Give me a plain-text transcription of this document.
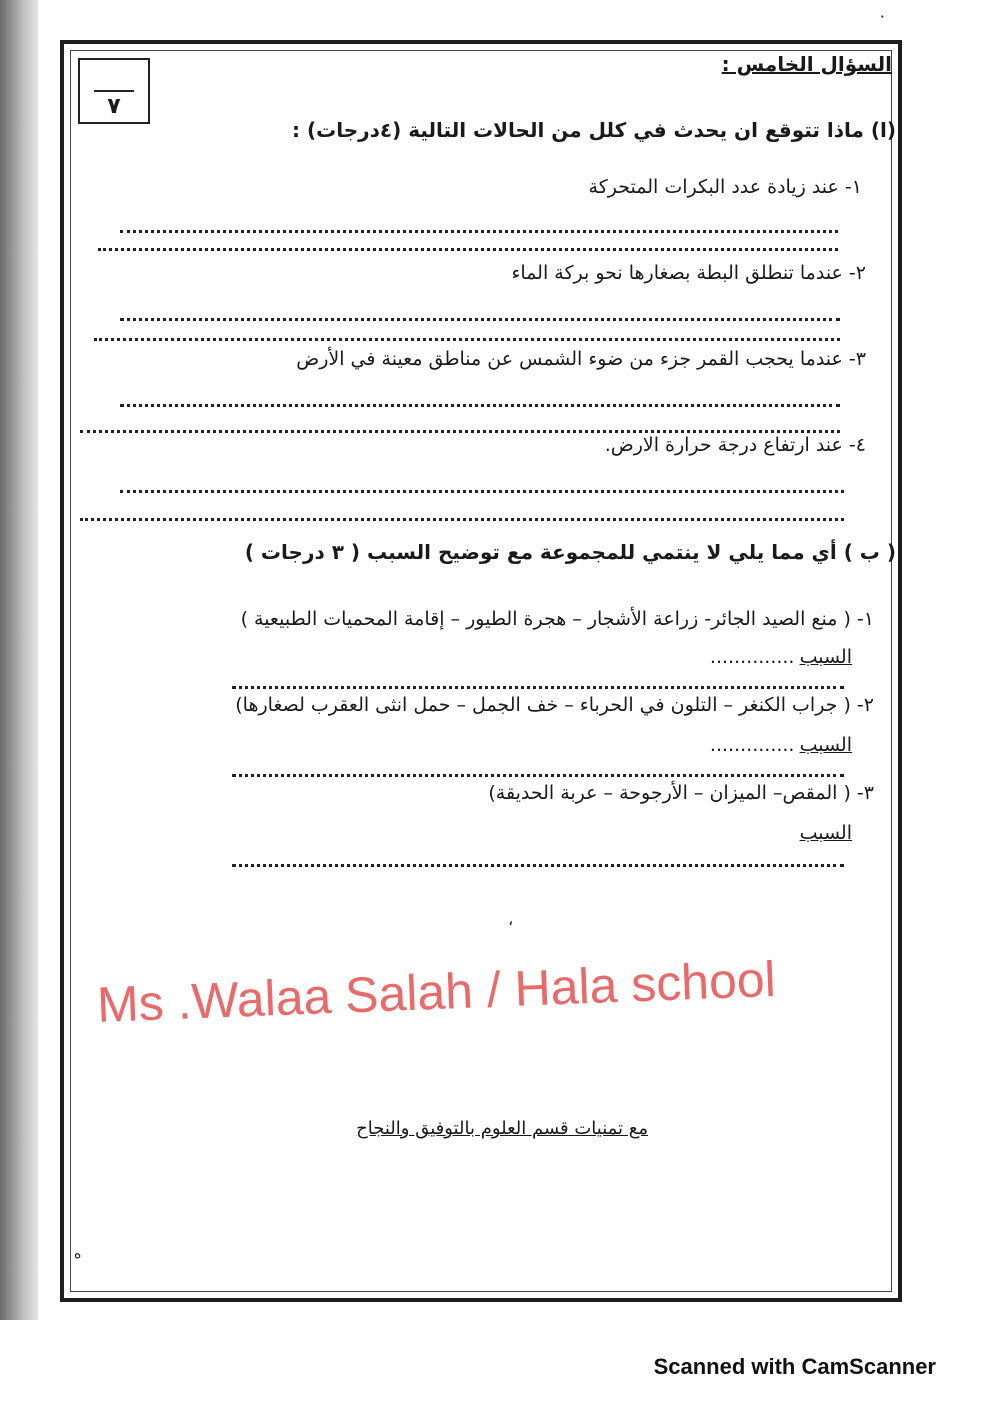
٠
٧
السؤال الخامس :
(ا) ماذا تتوقع ان يحدث في كلل من الحالات التالية (٤درجات) :
١- عند زيادة عدد البكرات المتحركة
٢- عندما تنطلق البطة بصغارها نحو بركة الماء
٣- عندما يحجب القمر جزء من ضوء الشمس عن مناطق معينة في الأرض
٤- عند ارتفاع درجة حرارة الارض.
( ب ) أي مما يلي لا ينتمي للمجموعة مع توضيح السبب ( ٣ درجات )
١- ( منع الصيد الجائر- زراعة الأشجار – هجرة الطيور – إقامة المحميات الطبيعية )
السبب ..............
٢- ( جراب الكنغر – التلون في الحرباء – خف الجمل – حمل انثى العقرب لصغارها)
السبب ..............
٣- ( المقص– الميزان – الأرجوحة – عربة الحديقة)
السبب
،
Ms .Walaa Salah / Hala school
مع تمنيات قسم العلوم بالتوفيق والنجاح
ه
Scanned with CamScanner
